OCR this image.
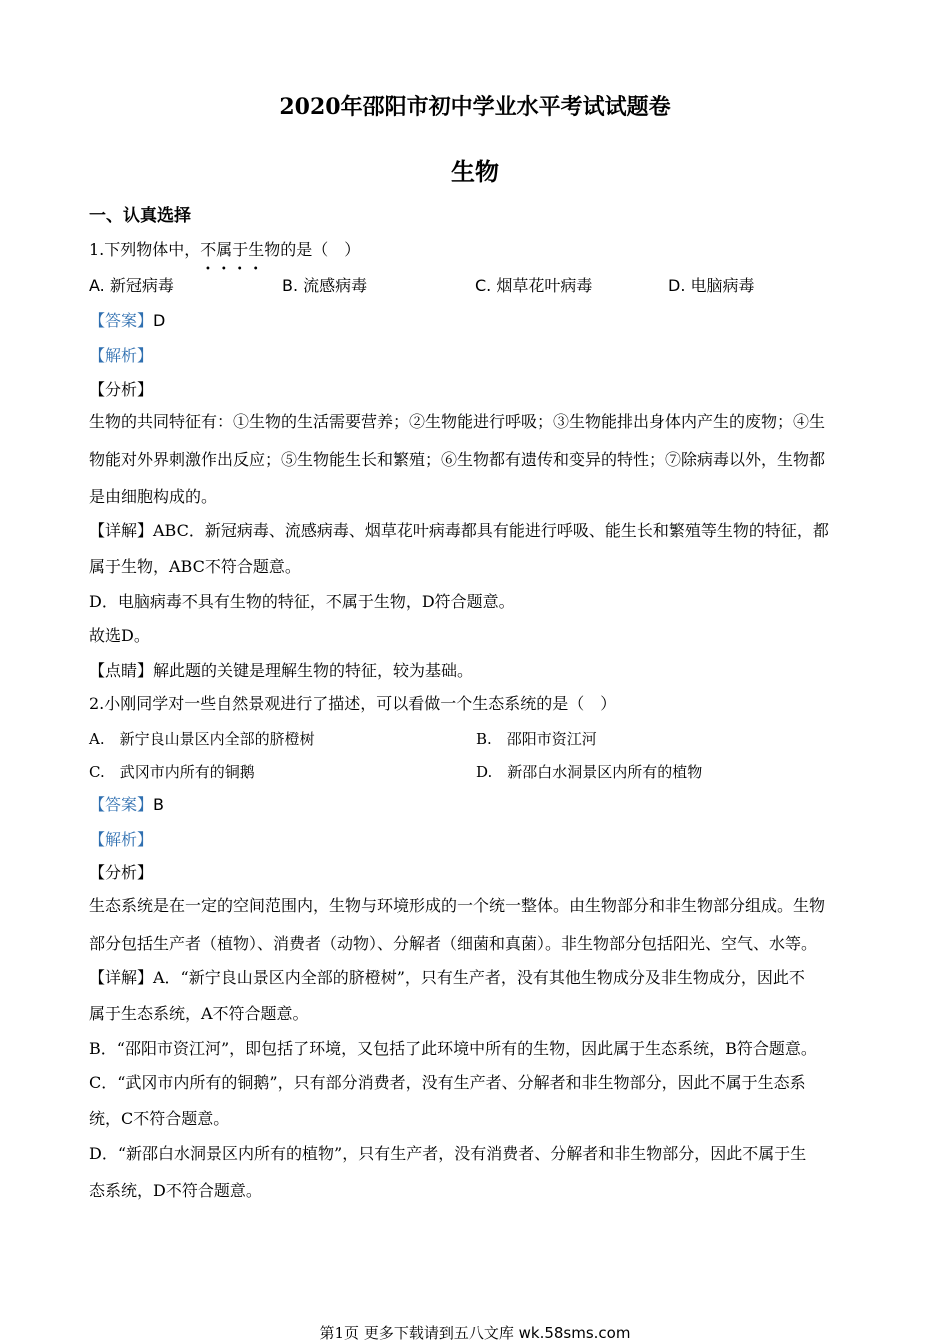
2020年邵阳市初中学业水平考试试题卷
生物
一、认真选择
1.下列物体中，不属于生物的是（　）
••••
A. 新冠病毒	B. 流感病毒	C. 烟草花叶病毒	D. 电脑病毒
【答案】D
【解析】
【分析】
生物的共同特征有：①生物的生活需要营养；②生物能进行呼吸；③生物能排出身体内产生的废物；④生
物能对外界刺激作出反应；⑤生物能生长和繁殖；⑥生物都有遗传和变异的特性；⑦除病毒以外，生物都
是由细胞构成的。
【详解】ABC．新冠病毒、流感病毒、烟草花叶病毒都具有能进行呼吸、能生长和繁殖等生物的特征，都
属于生物，ABC不符合题意。
D．电脑病毒不具有生物的特征，不属于生物，D符合题意。
故选D。
【点睛】解此题的关键是理解生物的特征，较为基础。
2.小刚同学对一些自然景观进行了描述，可以看做一个生态系统的是（　）
A.　新宁良山景区内全部的脐橙树	B.　邵阳市资江河
C.　武冈市内所有的铜鹅	D.　新邵白水洞景区内所有的植物
【答案】B
【解析】
【分析】
生态系统是在一定的空间范围内，生物与环境形成的一个统一整体。由生物部分和非生物部分组成。生物
部分包括生产者（植物）、消费者（动物）、分解者（细菌和真菌）。非生物部分包括阳光、空气、水等。
【详解】A．“新宁良山景区内全部的脐橙树”，只有生产者，没有其他生物成分及非生物成分，因此不
属于生态系统，A不符合题意。
B．“邵阳市资江河”，即包括了环境，又包括了此环境中所有的生物，因此属于生态系统，B符合题意。
C．“武冈市内所有的铜鹅”，只有部分消费者，没有生产者、分解者和非生物部分，因此不属于生态系
统，C不符合题意。
D．“新邵白水洞景区内所有的植物”，只有生产者，没有消费者、分解者和非生物部分，因此不属于生
态系统，D不符合题意。
第1页 更多下载请到五八文库 wk.58sms.com
